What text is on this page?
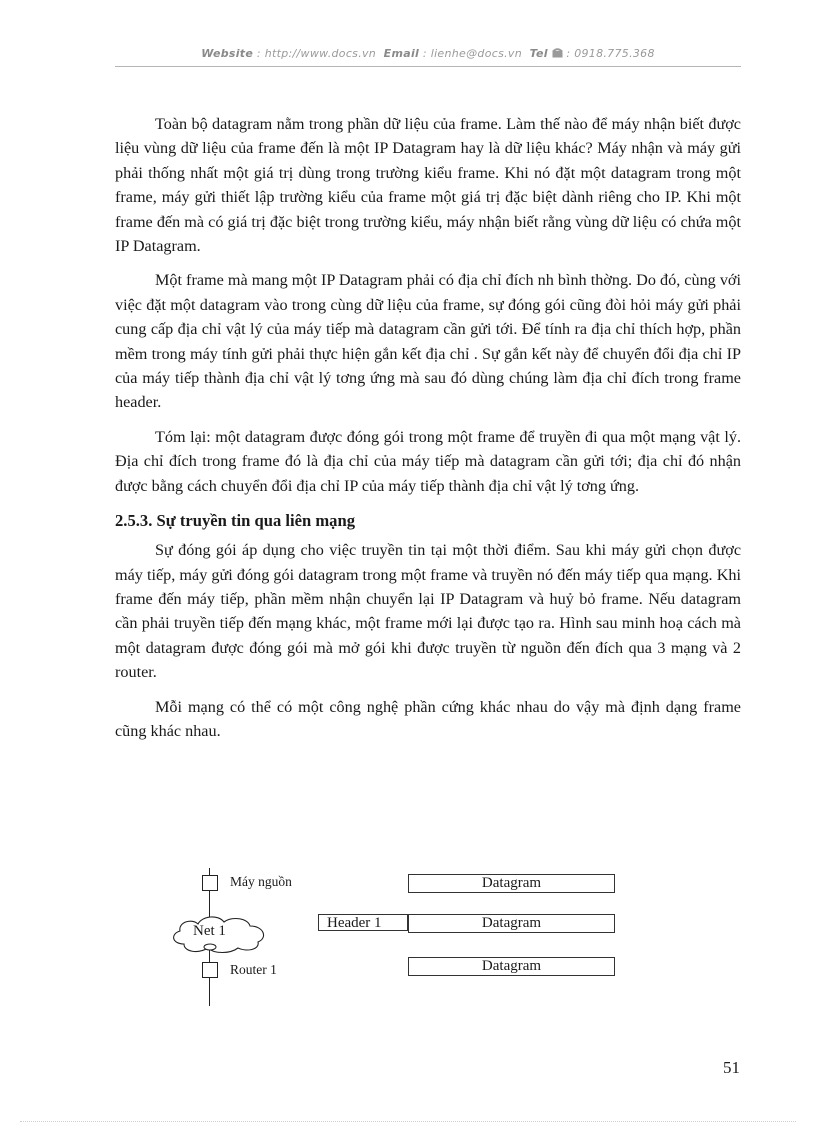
Website : http://www.docs.vn Email : lienhe@docs.vn Tel : 0918.775.368

Toàn bộ datagram nằm trong phần dữ liệu của frame. Làm thế nào để máy nhận biết được liệu vùng dữ liệu của frame đến là một IP Datagram hay là dữ liệu khác? Máy nhận và máy gửi phải thống nhất một giá trị dùng trong trường kiểu frame. Khi nó đặt một datagram trong một frame, máy gửi thiết lập trường kiểu của frame một giá trị đặc biệt dành riêng cho IP. Khi một frame đến mà có giá trị đặc biệt trong trường kiểu, máy nhận biết rằng vùng dữ liệu có chứa một IP Datagram.

Một frame mà mang một IP Datagram phải có địa chỉ đích nh bình thờng. Do đó, cùng với việc đặt một datagram vào trong cùng dữ liệu của frame, sự đóng gói cũng đòi hỏi máy gửi phải cung cấp địa chỉ vật lý của máy tiếp mà datagram cần gửi tới. Để tính ra địa chỉ thích hợp, phần mềm trong máy tính gửi phải thực hiện gắn kết địa chỉ . Sự gắn kết này để chuyển đổi địa chỉ IP của máy tiếp thành địa chỉ vật lý tơng ứng mà sau đó dùng chúng làm địa chỉ đích trong frame header.

Tóm lại: một datagram được đóng gói trong một frame để truyền đi qua một mạng vật lý. Địa chỉ đích trong frame đó là địa chỉ của máy tiếp mà datagram cần gửi tới; địa chỉ đó nhận được bằng cách chuyển đổi địa chỉ IP của máy tiếp thành địa chỉ vật lý tơng ứng.

2.5.3. Sự truyền tin qua liên mạng

Sự đóng gói áp dụng cho việc truyền tin tại một thời điểm. Sau khi máy gửi chọn được máy tiếp, máy gửi đóng gói datagram trong một frame và truyền nó đến máy tiếp qua mạng. Khi frame đến máy tiếp, phần mềm nhận chuyển lại IP Datagram và huỷ bỏ frame. Nếu datagram cần phải truyền tiếp đến mạng khác, một frame mới lại được tạo ra. Hình sau minh hoạ cách mà một datagram được đóng gói mà mở gói khi được truyền từ nguồn đến đích qua 3 mạng và 2 router.

Mỗi mạng có thể có một công nghệ phần cứng khác nhau do vậy mà định dạng frame cũng khác nhau.

Máy nguồn
Net 1
Router 1
Datagram
Header 1	Datagram
Datagram
51
